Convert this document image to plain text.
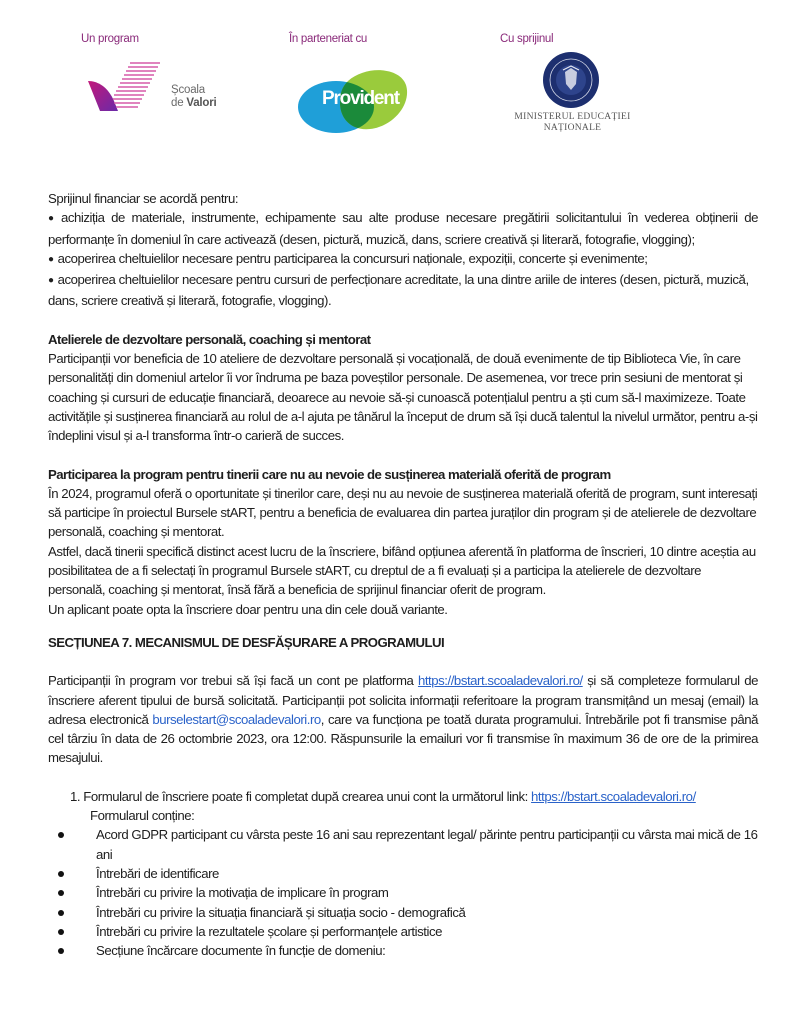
Un program	În parteneriat cu	Cu sprijinul
Școala
de Valori	Provident
MINISTERUL EDUCAȚIEI
NAȚIONALE

Sprijinul financiar se acordă pentru:

● achiziția de materiale, instrumente, echipamente sau alte produse necesare pregătirii solicitantului în vederea obținerii de performanțe în domeniul în care activează (desen, pictură, muzică, dans, scriere creativă și literară, fotografie, vlogging);

● acoperirea cheltuielilor necesare pentru participarea la concursuri naționale, expoziții, concerte și evenimente;

● acoperirea cheltuielilor necesare pentru cursuri de perfecționare acreditate, la una dintre ariile de interes (desen, pictură, muzică, dans, scriere creativă și literară, fotografie, vlogging).

Atelierele de dezvoltare personală, coaching și mentorat

Participanții vor beneficia de 10 ateliere de dezvoltare personală și vocațională, de două evenimente de tip Biblioteca Vie, în care personalități din domeniul artelor îi vor îndruma pe baza poveștilor personale. De asemenea, vor trece prin sesiuni de mentorat și coaching și cursuri de educație financiară, deoarece au nevoie să-și cunoască potențialul pentru a ști cum să-l maximizeze. Toate activitățile și susținerea financiară au rolul de a-l ajuta pe tânărul la început de drum să își ducă talentul la nivelul următor, pentru a-și îndeplini visul și a-l transforma într-o carieră de succes.

Participarea la program pentru tinerii care nu au nevoie de susținerea materială oferită de program

În 2024, programul oferă o oportunitate și tinerilor care, deși nu au nevoie de susținerea materială oferită de program, sunt interesați să participe în proiectul Bursele stART, pentru a beneficia de evaluarea din partea juraților din program și de atelierele de dezvoltare personală, coaching și mentorat.

Astfel, dacă tinerii specifică distinct acest lucru de la înscriere, bifând opțiunea aferentă în platforma de înscrieri, 10 dintre aceștia au posibilitatea de a fi selectați în programul Bursele stART, cu dreptul de a fi evaluați și a participa la atelierele de dezvoltare personală, coaching și mentorat, însă fără a beneficia de sprijinul financiar oferit de program.

Un aplicant poate opta la înscriere doar pentru una din cele două variante.

SECȚIUNEA 7. MECANISMUL DE DESFĂȘURARE A PROGRAMULUI

Participanții în program vor trebui să își facă un cont pe platforma https://bstart.scoaladevalori.ro/ și să completeze formularul de înscriere aferent tipului de bursă solicitată. Participanții pot solicita informații referitoare la program transmițând un mesaj (email) la adresa electronică burselestart@scoaladevalori.ro, care va funcționa pe toată durata programului. Întrebările pot fi transmise până cel târziu în data de 26 octombrie 2023, ora 12:00. Răspunsurile la emailuri vor fi transmise în maximum 36 de ore de la primirea mesajului.

1. Formularul de înscriere poate fi completat după crearea unui cont la următorul link: https://bstart.scoaladevalori.ro/

Formularul conține:

Acord GDPR participant cu vârsta peste 16 ani sau reprezentant legal/ părinte pentru participanții cu vârsta mai mică de 16 ani
Întrebări de identificare
Întrebări cu privire la motivația de implicare în program
Întrebări cu privire la situația financiară și situația socio - demografică
Întrebări cu privire la rezultatele școlare și performanțele artistice
Secțiune încărcare documente în funcție de domeniu:
